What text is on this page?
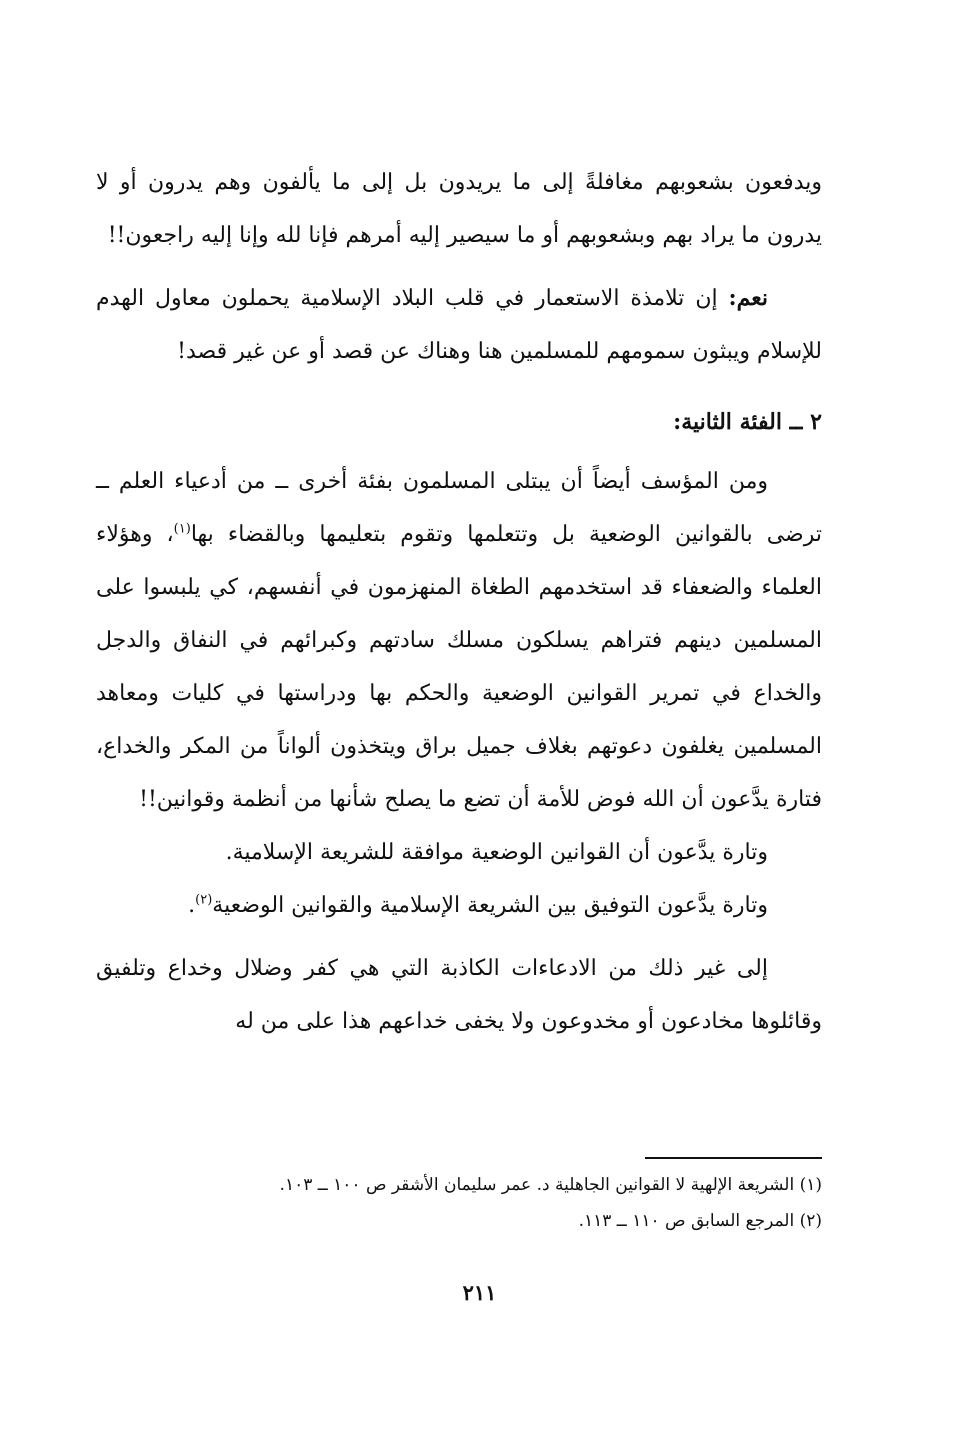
ويدفعون بشعوبهم مغافلةً إلى ما يريدون بل إلى ما يألفون وهم يدرون أو لا يدرون ما يراد بهم وبشعوبهم أو ما سيصير إليه أمرهم فإنا لله وإنا إليه راجعون!!

نعم: إن تلامذة الاستعمار في قلب البلاد الإسلامية يحملون معاول الهدم للإسلام ويبثون سمومهم للمسلمين هنا وهناك عن قصد أو عن غير قصد!

٢ ــ الفئة الثانية:

ومن المؤسف أيضاً أن يبتلى المسلمون بفئة أخرى ــ من أدعياء العلم ــ ترضى بالقوانين الوضعية بل وتتعلمها وتقوم بتعليمها وبالقضاء بها$^{(١)}$، وهؤلاء العلماء والضعفاء قد استخدمهم الطغاة المنهزمون في أنفسهم، كي يلبسوا على المسلمين دينهم فتراهم يسلكون مسلك سادتهم وكبرائهم في النفاق والدجل والخداع في تمرير القوانين الوضعية والحكم بها ودراستها في كليات ومعاهد المسلمين يغلفون دعوتهم بغلاف جميل براق ويتخذون ألواناً من المكر والخداع، فتارة يدَّعون أن الله فوض للأمة أن تضع ما يصلح شأنها من أنظمة وقوانين!!

وتارة يدَّعون أن القوانين الوضعية موافقة للشريعة الإسلامية.

وتارة يدَّعون التوفيق بين الشريعة الإسلامية والقوانين الوضعية$^{(٢)}$.

إلى غير ذلك من الادعاءات الكاذبة التي هي كفر وضلال وخداع وتلفيق وقائلوها مخادعون أو مخدوعون ولا يخفى خداعهم هذا على من له

(١) الشريعة الإلهية لا القوانين الجاهلية د. عمر سليمان الأشقر ص ١٠٠ ــ ١٠٣.

(٢) المرجع السابق ص ١١٠ ــ ١١٣.

٢١١
